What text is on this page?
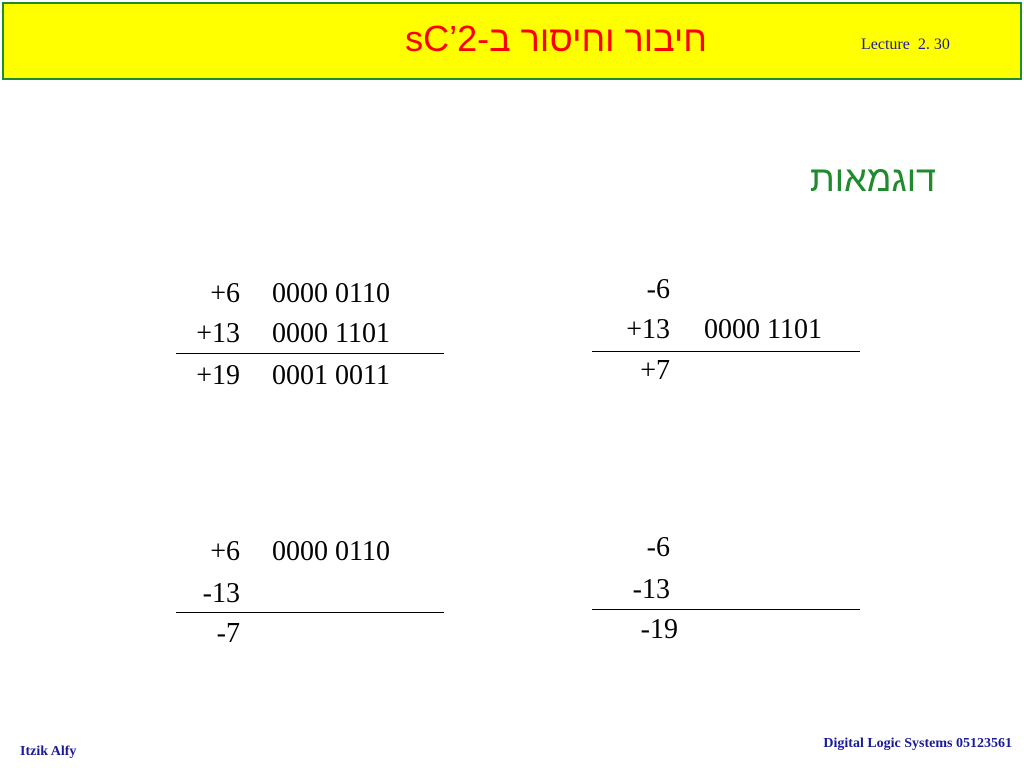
חיבור וחיסור ב-2’sC	Lecture  2. 30
דוגמאות
+6 0000 0110
+13 0000 1101
+19 0001 0011
-6
+13 0000 1101
+7
+6 0000 0110
-13
-7
-6
-13
-19
Itzik Alfy
Digital Logic Systems 05123561
